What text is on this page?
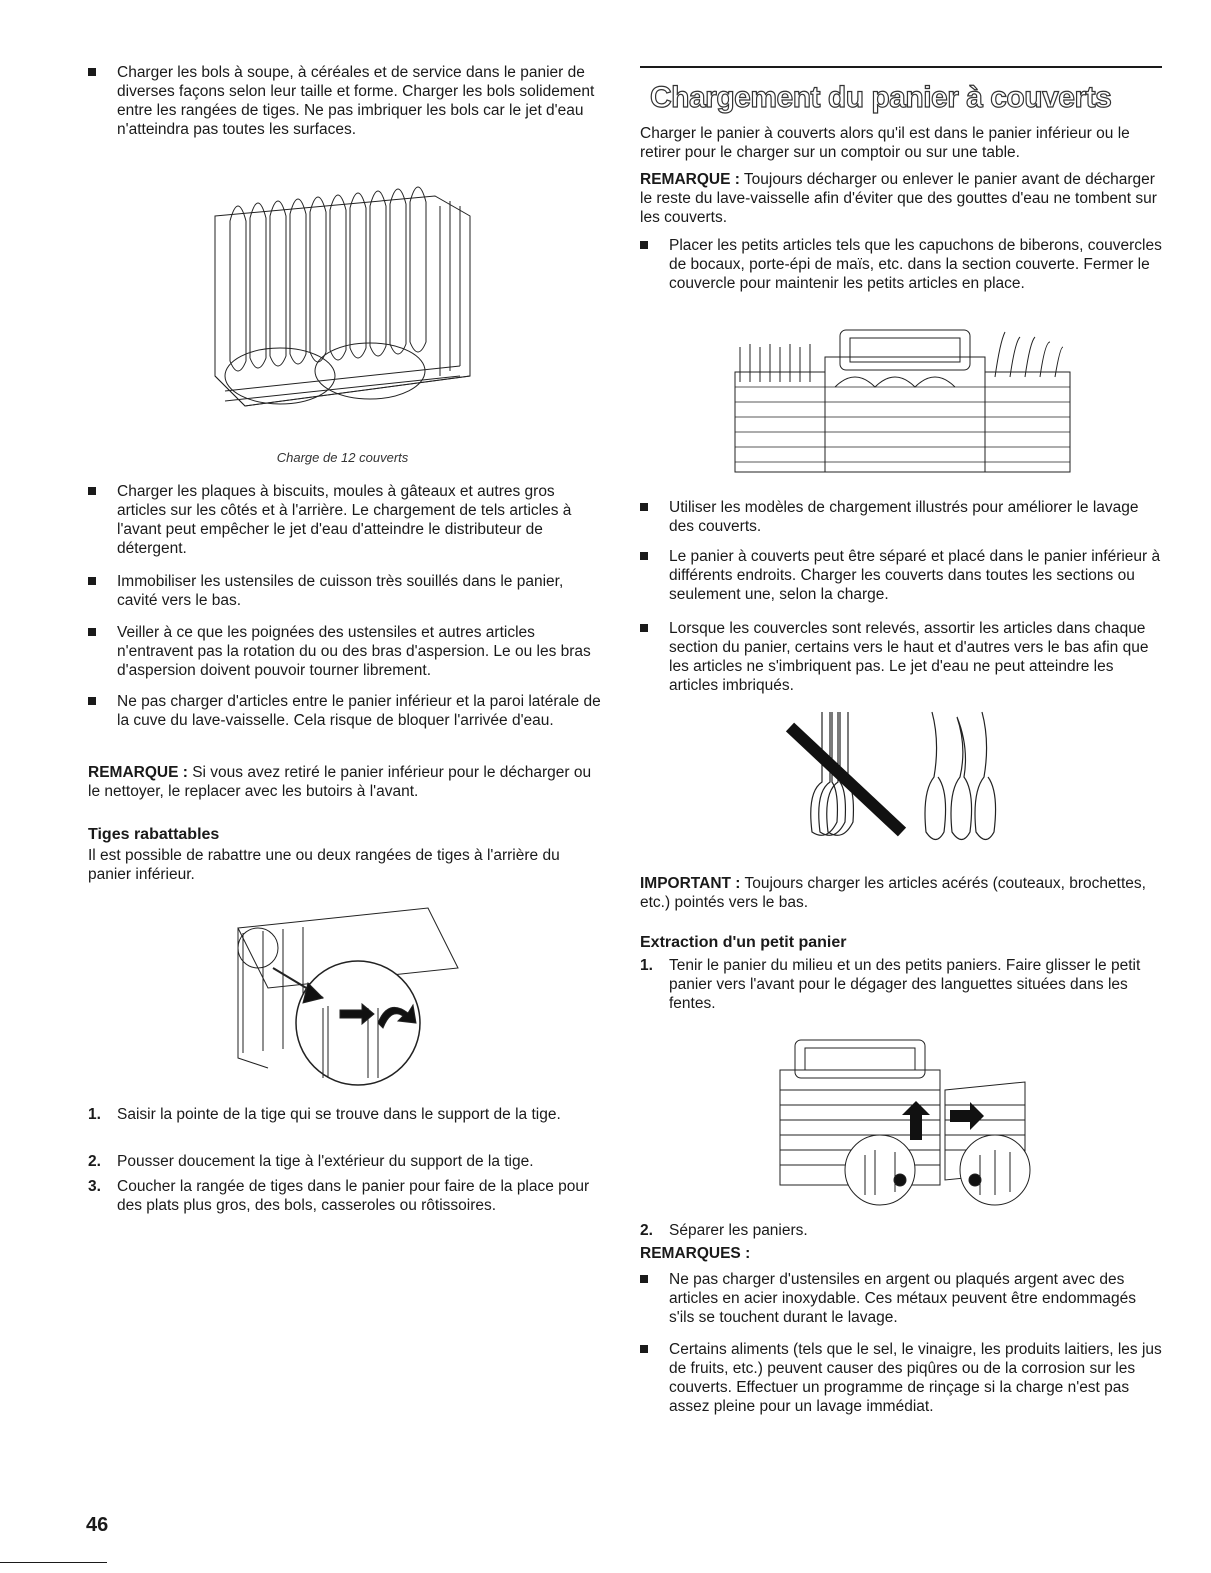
Charger les bols à soupe, à céréales et de service dans le panier de diverses façons selon leur taille et forme. Charger les bols solidement entre les rangées de tiges. Ne pas imbriquer les bols car le jet d'eau n'atteindra pas toutes les surfaces.
Charge de 12 couverts
Charger les plaques à biscuits, moules à gâteaux et autres gros articles sur les côtés et à l'arrière. Le chargement de tels articles à l'avant peut empêcher le jet d'eau d'atteindre le distributeur de détergent.
Immobiliser les ustensiles de cuisson très souillés dans le panier, cavité vers le bas.
Veiller à ce que les poignées des ustensiles et autres articles n'entravent pas la rotation du ou des bras d'aspersion. Le ou les bras d'aspersion doivent pouvoir tourner librement.
Ne pas charger d'articles entre le panier inférieur et la paroi latérale de la cuve du lave-vaisselle. Cela risque de bloquer l'arrivée d'eau.
REMARQUE : Si vous avez retiré le panier inférieur pour le décharger ou le nettoyer, le replacer avec les butoirs à l'avant.
Tiges rabattables
Il est possible de rabattre une ou deux rangées de tiges à l'arrière du panier inférieur.
1. Saisir la pointe de la tige qui se trouve dans le support de la tige.
2. Pousser doucement la tige à l'extérieur du support de la tige.
3. Coucher la rangée de tiges dans le panier pour faire de la place pour des plats plus gros, des bols, casseroles ou rôtissoires.
Chargement du panier à couverts
Charger le panier à couverts alors qu'il est dans le panier inférieur ou le retirer pour le charger sur un comptoir ou sur une table.
REMARQUE : Toujours décharger ou enlever le panier avant de décharger le reste du lave-vaisselle afin d'éviter que des gouttes d'eau ne tombent sur les couverts.
Placer les petits articles tels que les capuchons de biberons, couvercles de bocaux, porte-épi de maïs, etc. dans la section couverte. Fermer le couvercle pour maintenir les petits articles en place.
Utiliser les modèles de chargement illustrés pour améliorer le lavage des couverts.
Le panier à couverts peut être séparé et placé dans le panier inférieur à différents endroits. Charger les couverts dans toutes les sections ou seulement une, selon la charge.
Lorsque les couvercles sont relevés, assortir les articles dans chaque section du panier, certains vers le haut et d'autres vers le bas afin que les articles ne s'imbriquent pas. Le jet d'eau ne peut atteindre les articles imbriqués.
IMPORTANT : Toujours charger les articles acérés (couteaux, brochettes, etc.) pointés vers le bas.
Extraction d'un petit panier
1. Tenir le panier du milieu et un des petits paniers. Faire glisser le petit panier vers l'avant pour le dégager des languettes situées dans les fentes.
2. Séparer les paniers.
REMARQUES :
Ne pas charger d'ustensiles en argent ou plaqués argent avec des articles en acier inoxydable. Ces métaux peuvent être endommagés s'ils se touchent durant le lavage.
Certains aliments (tels que le sel, le vinaigre, les produits laitiers, les jus de fruits, etc.) peuvent causer des piqûres ou de la corrosion sur les couverts. Effectuer un programme de rinçage si la charge n'est pas assez pleine pour un lavage immédiat.
46
